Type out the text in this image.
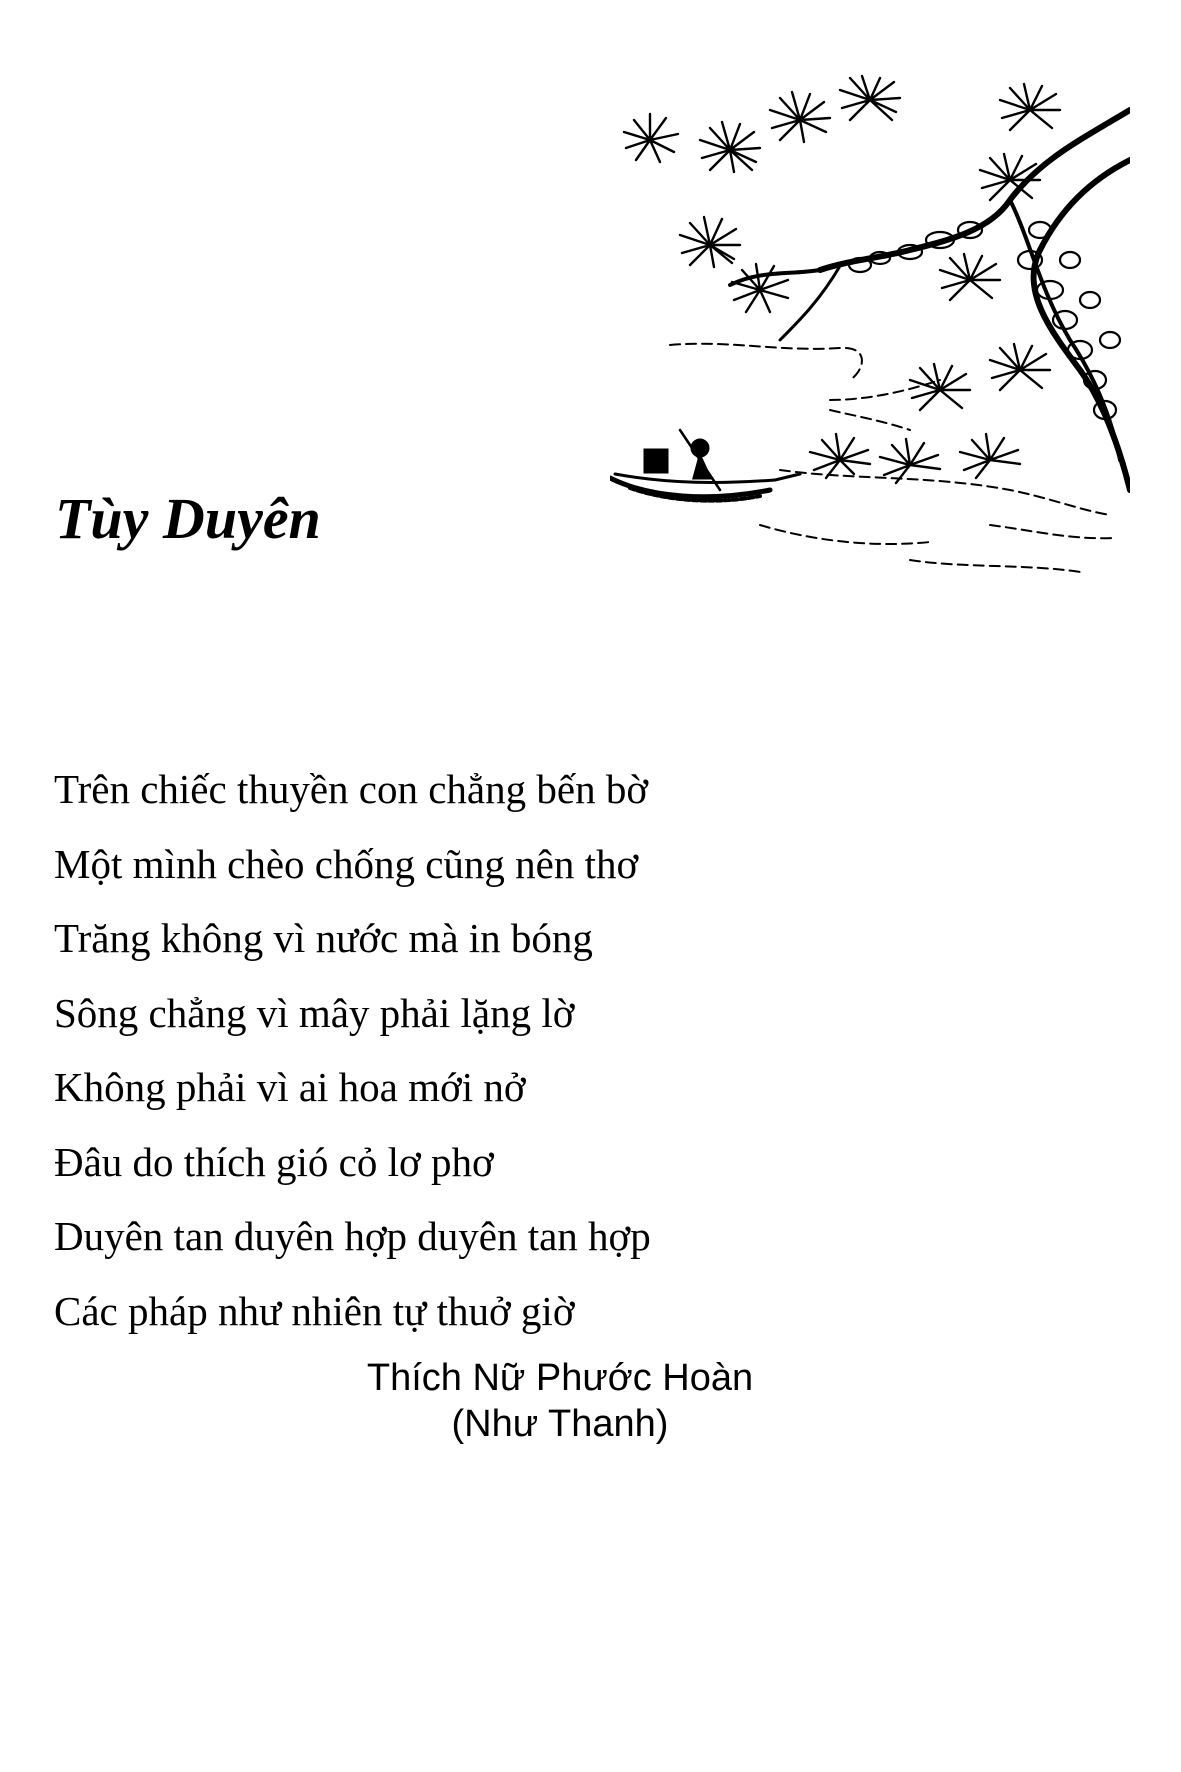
Tùy Duyên
Trên chiếc thuyền con chẳng bến bờ
Một mình chèo chống cũng nên thơ
Trăng không vì nước mà in bóng
Sông chẳng vì mây phải lặng lờ
Không phải vì ai hoa mới nở
Đâu do thích gió cỏ lơ phơ
Duyên tan duyên hợp duyên tan hợp
Các pháp như nhiên tự thuở giờ
Thích Nữ Phước Hoàn
(Như Thanh)
